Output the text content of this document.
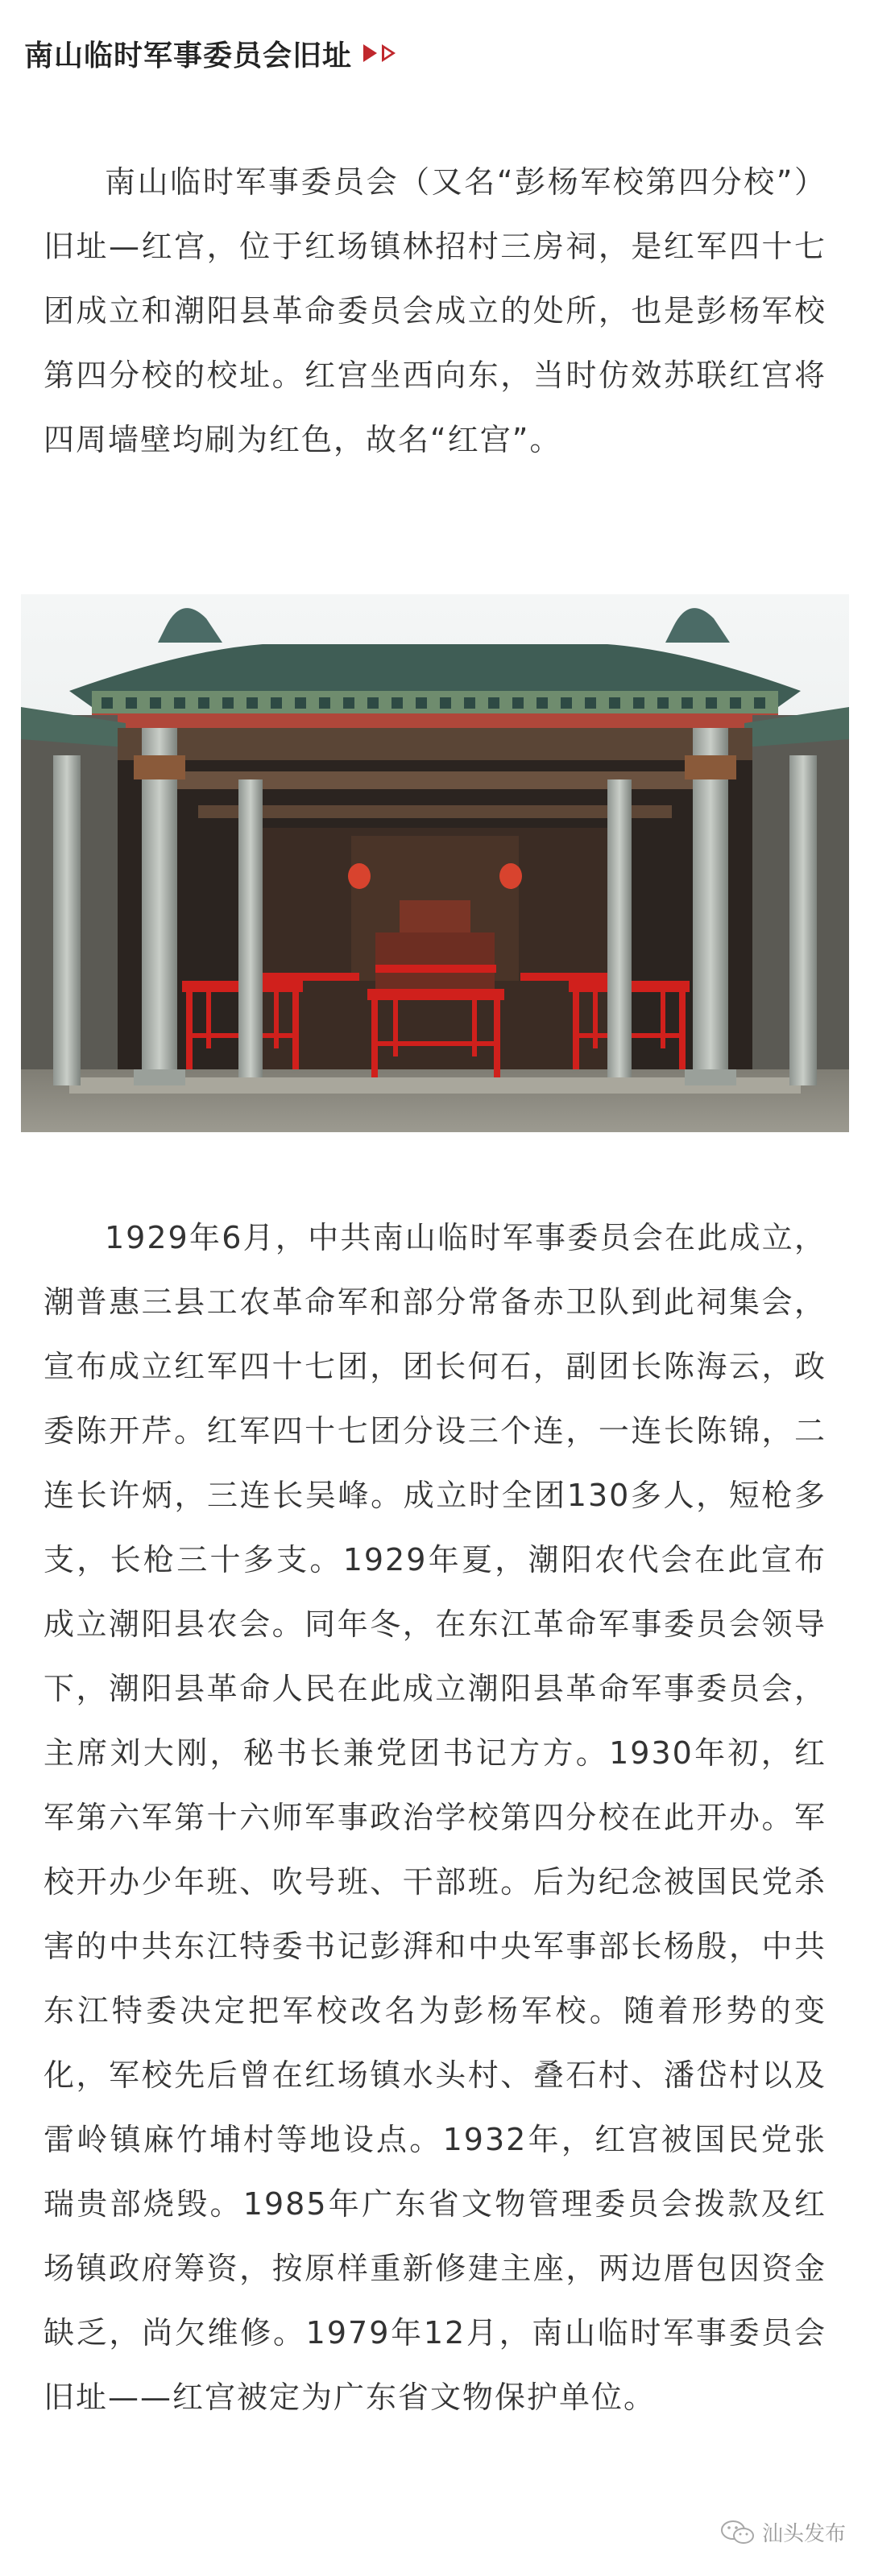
南山临时军事委员会旧址

南山临时军事委员会（又名“彭杨军校第四分校”）旧址—红宫，位于红场镇林招村三房祠，是红军四十七团成立和潮阳县革命委员会成立的处所，也是彭杨军校第四分校的校址。红宫坐西向东，当时仿效苏联红宫将四周墙壁均刷为红色，故名“红宫”。

1929年6月，中共南山临时军事委员会在此成立，潮普惠三县工农革命军和部分常备赤卫队到此祠集会，宣布成立红军四十七团，团长何石，副团长陈海云，政委陈开芹。红军四十七团分设三个连，一连长陈锦，二连长许炳，三连长吴峰。成立时全团130多人，短枪多支，长枪三十多支。1929年夏，潮阳农代会在此宣布成立潮阳县农会。同年冬，在东江革命军事委员会领导下，潮阳县革命人民在此成立潮阳县革命军事委员会，主席刘大刚，秘书长兼党团书记方方。1930年初，红军第六军第十六师军事政治学校第四分校在此开办。军校开办少年班、吹号班、干部班。后为纪念被国民党杀害的中共东江特委书记彭湃和中央军事部长杨殷，中共东江特委决定把军校改名为彭杨军校。随着形势的变化，军校先后曾在红场镇水头村、叠石村、潘岱村以及雷岭镇麻竹埔村等地设点。1932年，红宫被国民党张瑞贵部烧毁。1985年广东省文物管理委员会拨款及红场镇政府筹资，按原样重新修建主座，两边厝包因资金缺乏，尚欠维修。1979年12月，南山临时军事委员会旧址——红宫被定为广东省文物保护单位。

汕头发布
